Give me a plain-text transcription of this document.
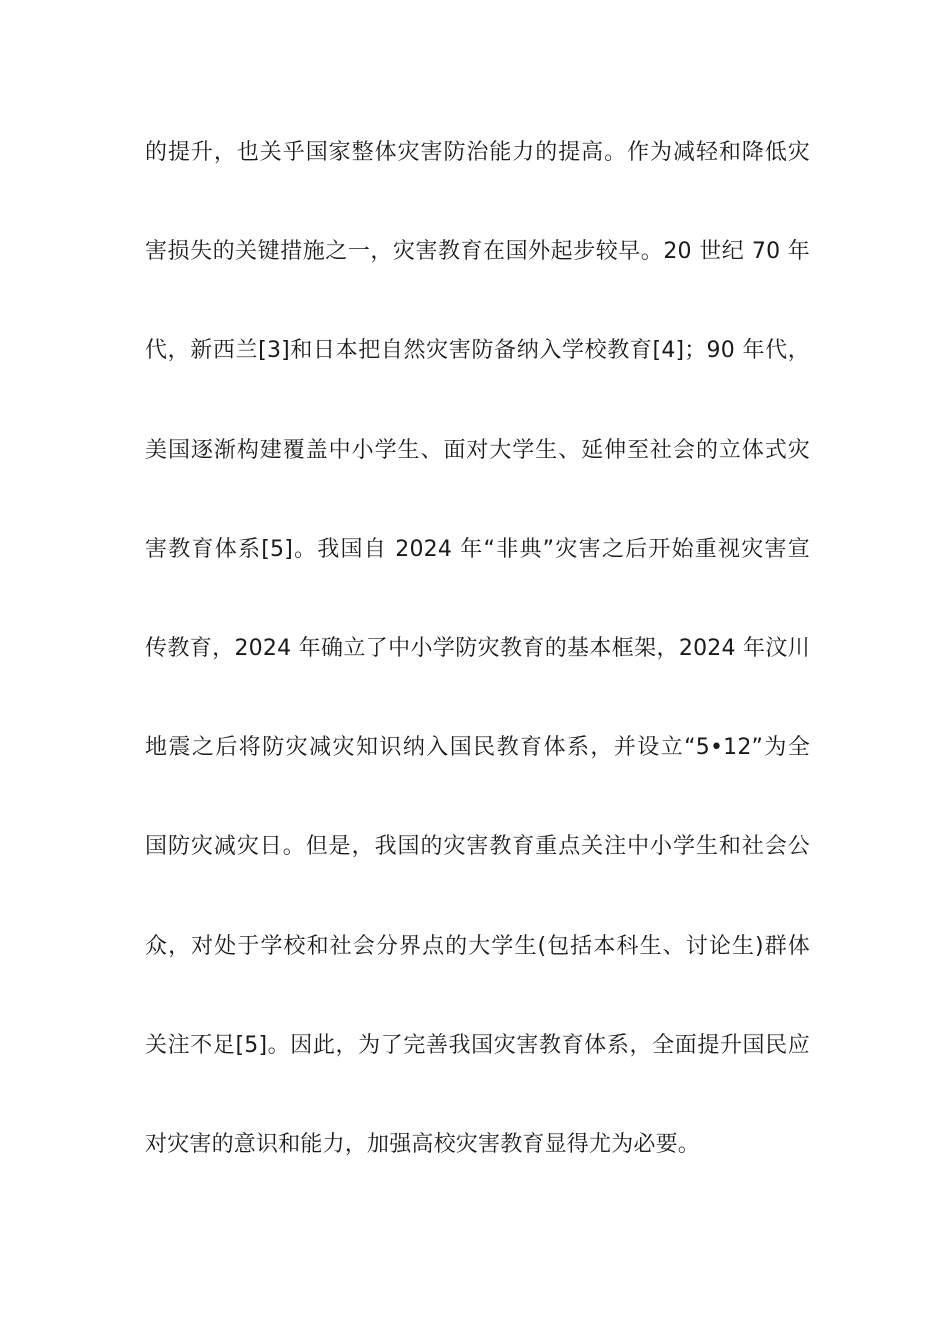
的提升，也关乎国家整体灾害防治能力的提高。作为减轻和降低灾
害损失的关键措施之一，灾害教育在国外起步较早。20 世纪 70 年
代，新西兰[3]和日本把自然灾害防备纳入学校教育[4]；90 年代，
美国逐渐构建覆盖中小学生、面对大学生、延伸至社会的立体式灾
害教育体系[5]。我国自 2024 年“非典”灾害之后开始重视灾害宣
传教育，2024 年确立了中小学防灾教育的基本框架，2024 年汶川
地震之后将防灾减灾知识纳入国民教育体系，并设立“5•12”为全
国防灾减灾日。但是，我国的灾害教育重点关注中小学生和社会公
众，对处于学校和社会分界点的大学生(包括本科生、讨论生)群体
关注不足[5]。因此，为了完善我国灾害教育体系，全面提升国民应
对灾害的意识和能力，加强高校灾害教育显得尤为必要。
